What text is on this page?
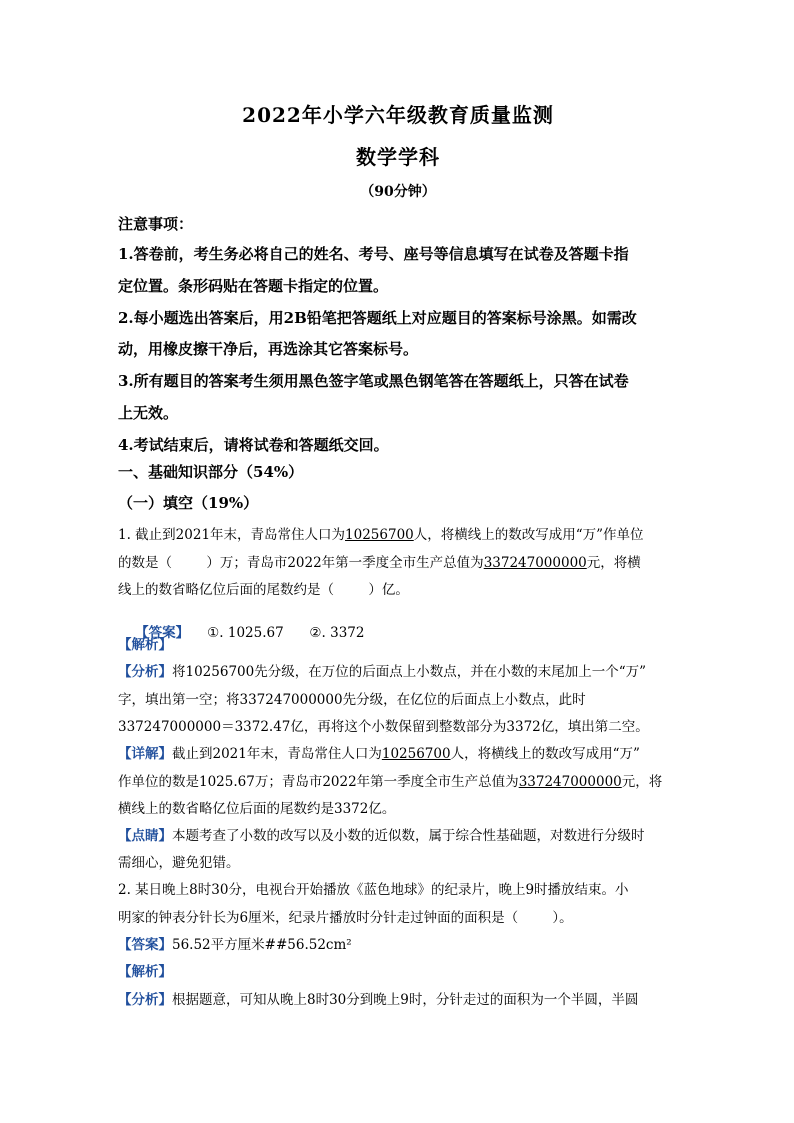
2022年小学六年级教育质量监测
数学学科
（90分钟）
注意事项：
1.答卷前，考生务必将自己的姓名、考号、座号等信息填写在试卷及答题卡指
定位置。条形码贴在答题卡指定的位置。
2.每小题选出答案后，用2B铅笔把答题纸上对应题目的答案标号涂黑。如需改
动，用橡皮擦干净后，再选涂其它答案标号。
3.所有题目的答案考生须用黑色签字笔或黑色钢笔答在答题纸上，只答在试卷
上无效。
4.考试结束后，请将试卷和答题纸交回。
一、基础知识部分（54%）
（一）填空（19%）
1. 截止到2021年末，青岛常住人口为10256700人，将横线上的数改写成用“万”作单位
的数是（        ）万；青岛市2022年第一季度全市生产总值为337247000000元，将横
线上的数省略亿位后面的尾数约是（        ）亿。

【答案】 ①. 1025.67      ②. 3372

【解析】
【分析】将10256700先分级，在万位的后面点上小数点，并在小数的末尾加上一个“万”
字，填出第一空；将337247000000先分级，在亿位的后面点上小数点，此时
337247000000＝3372.47亿，再将这个小数保留到整数部分为3372亿，填出第二空。
【详解】截止到2021年末，青岛常住人口为10256700人，将横线上的数改写成用“万”
作单位的数是1025.67万；青岛市2022年第一季度全市生产总值为337247000000元，将
横线上的数省略亿位后面的尾数约是3372亿。
【点睛】本题考查了小数的改写以及小数的近似数，属于综合性基础题，对数进行分级时
需细心，避免犯错。
2. 某日晚上8时30分，电视台开始播放《蓝色地球》的纪录片，晚上9时播放结束。小
明家的钟表分针长为6厘米，纪录片播放时分针走过钟面的面积是（        ）。
【答案】56.52平方厘米##56.52cm²
【解析】
【分析】根据题意，可知从晚上8时30分到晚上9时，分针走过的面积为一个半圆，半圆
